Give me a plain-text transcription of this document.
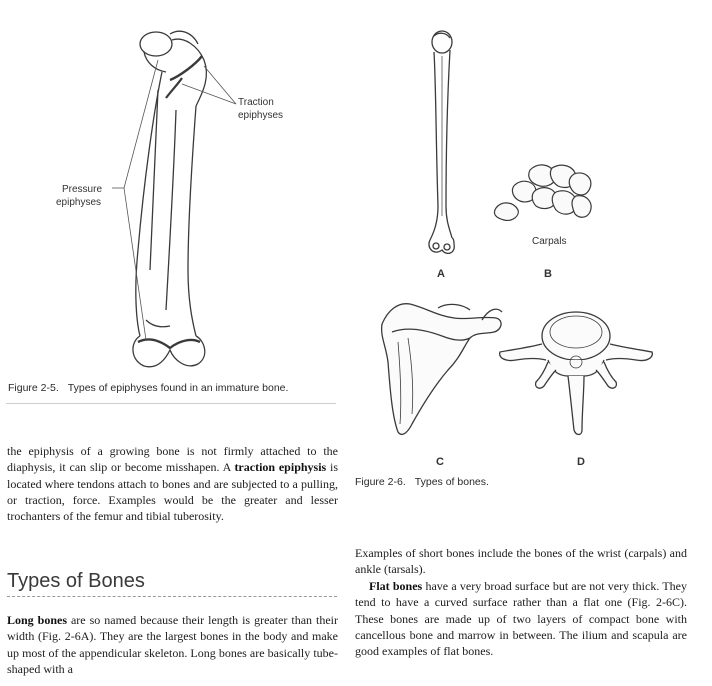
Traction
epiphyses
Pressure
epiphyses
Figure 2-5. Types of epiphyses found in an immature bone.
Carpals
A	B
C	D
Figure 2-6. Types of bones.

the epiphysis of a growing bone is not firmly attached to the diaphysis, it can slip or become misshapen. A traction epiphysis is located where tendons attach to bones and are subjected to a pulling, or traction, force. Examples would be the greater and lesser trochanters of the femur and tibial tuberosity.

Types of Bones

Long bones are so named because their length is greater than their width (Fig. 2-6A). They are the largest bones in the body and make up most of the appendicular skeleton. Long bones are basically tube-shaped with a

Examples of short bones include the bones of the wrist (carpals) and ankle (tarsals).

Flat bones have a very broad surface but are not very thick. They tend to have a curved surface rather than a flat one (Fig. 2-6C). These bones are made up of two layers of compact bone with cancellous bone and marrow in between. The ilium and scapula are good examples of flat bones.
